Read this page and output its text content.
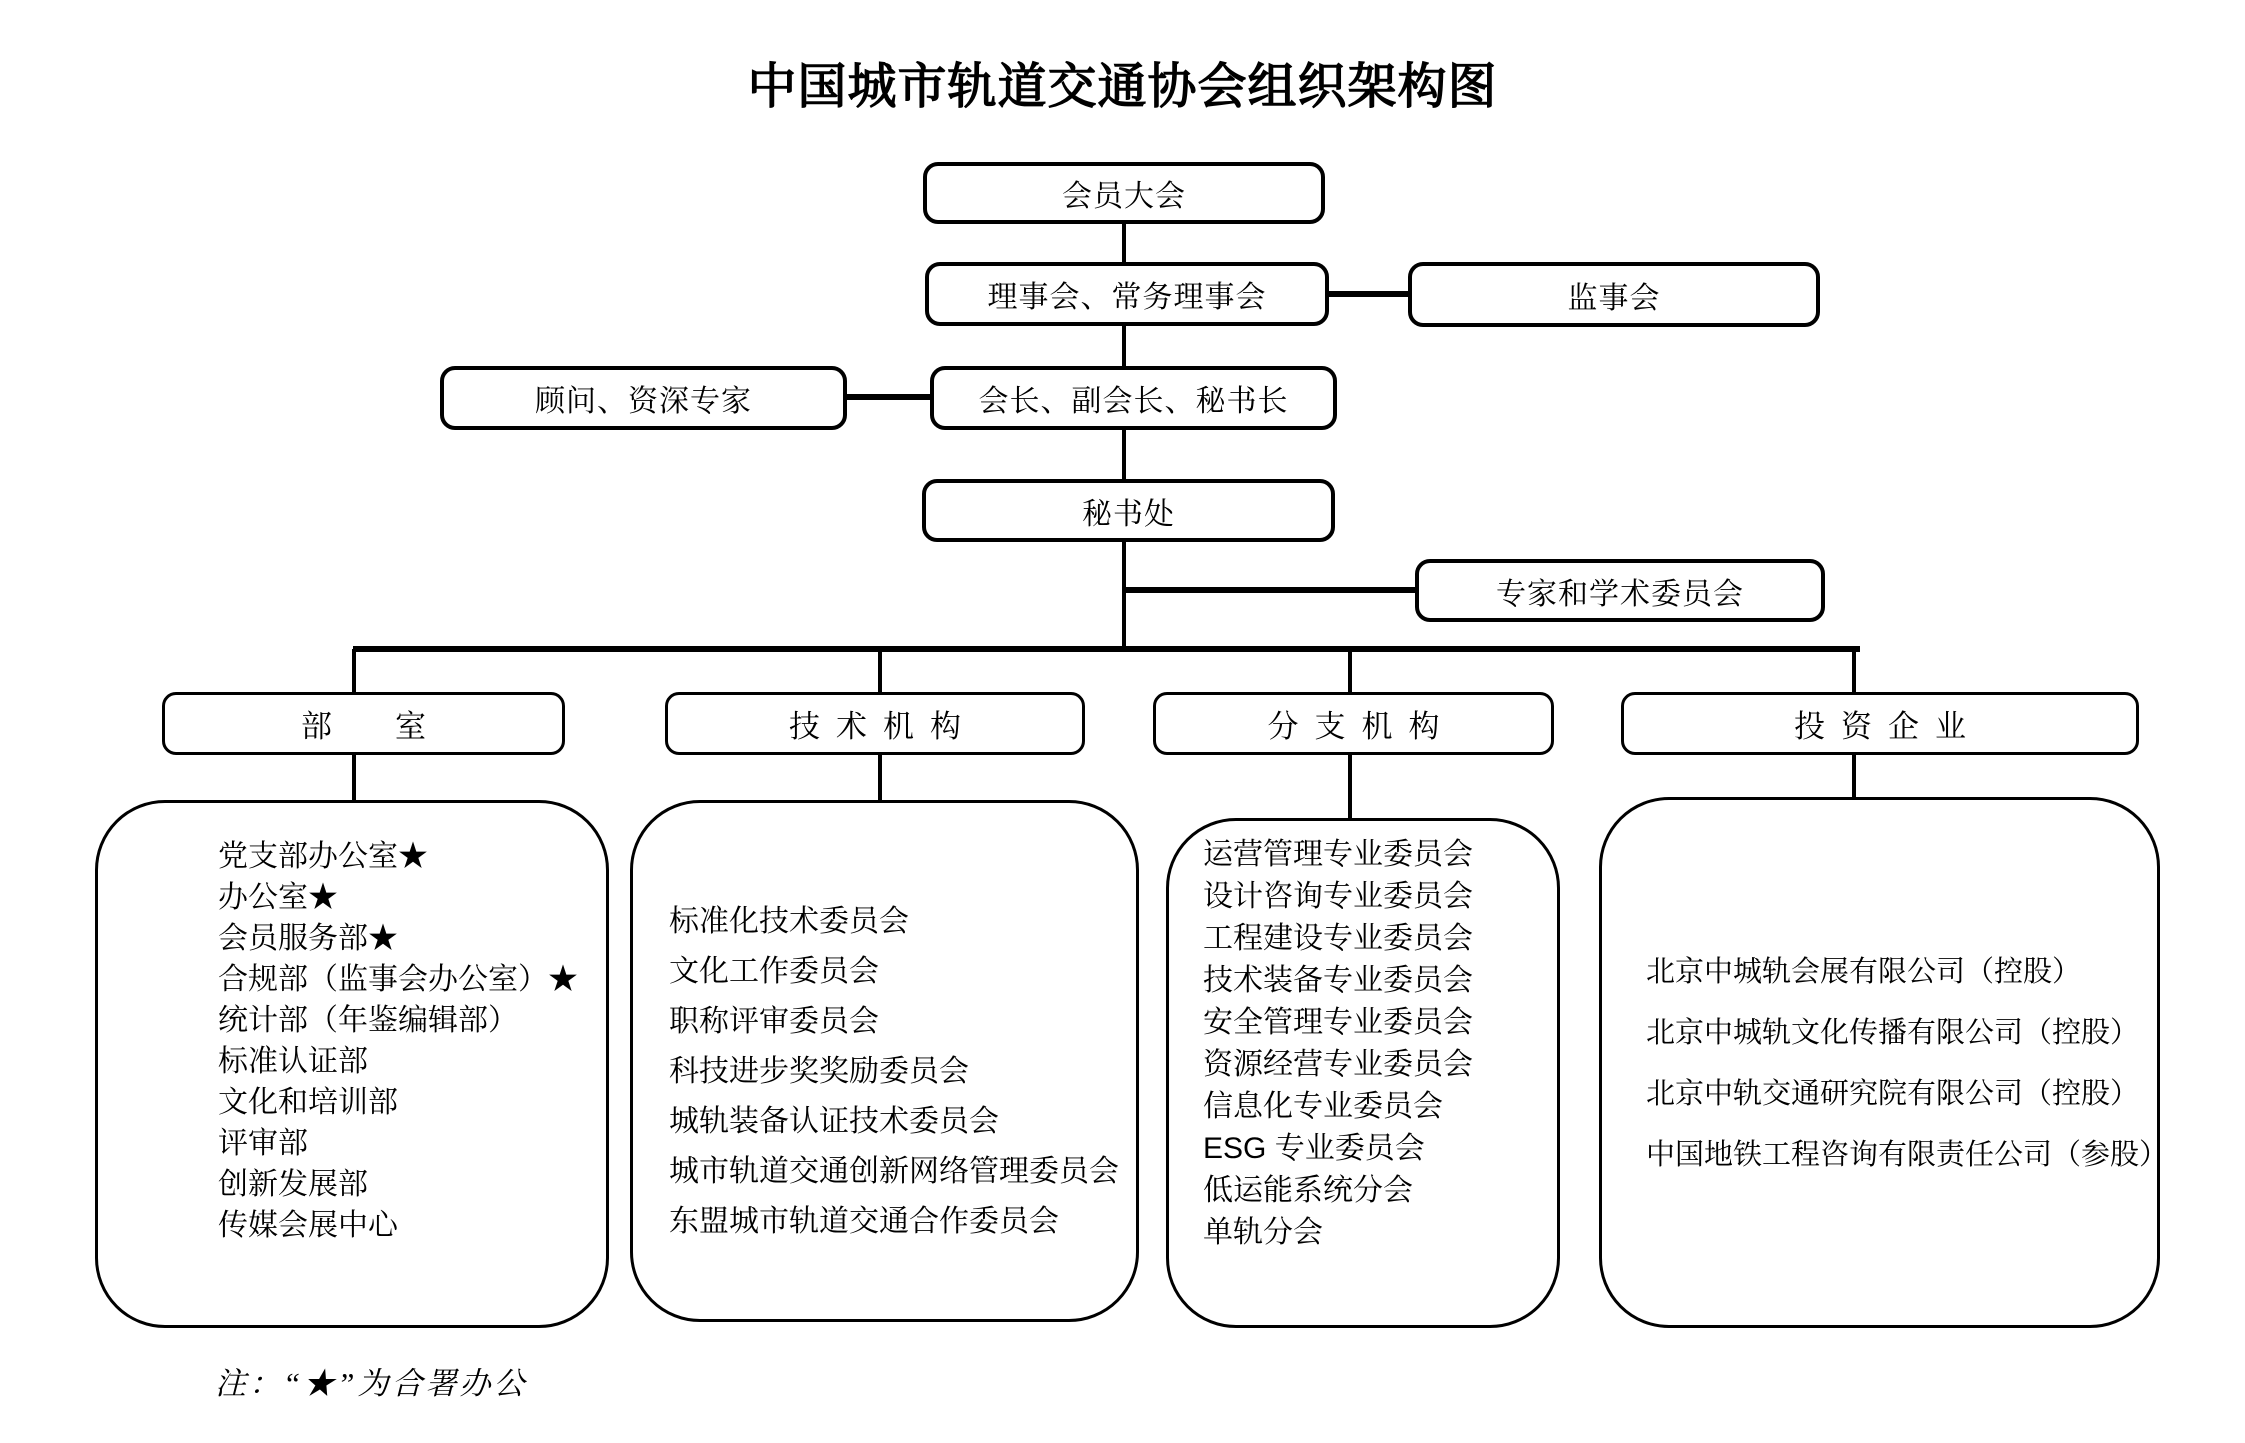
中国城市轨道交通协会组织架构图
会员大会
理事会、常务理事会	监事会
顾问、资深专家	会长、副会长、秘书长
秘书处
专家和学术委员会
部　室	技术机构	分支机构	投资企业
党支部办公室★
办公室★
会员服务部★
合规部（监事会办公室）★
统计部（年鉴编辑部）
标准认证部
文化和培训部
评审部
创新发展部
传媒会展中心
标准化技术委员会
文化工作委员会
职称评审委员会
科技进步奖奖励委员会
城轨装备认证技术委员会
城市轨道交通创新网络管理委员会
东盟城市轨道交通合作委员会
运营管理专业委员会
设计咨询专业委员会
工程建设专业委员会
技术装备专业委员会
安全管理专业委员会
资源经营专业委员会
信息化专业委员会
ESG 专业委员会
低运能系统分会
单轨分会
北京中城轨会展有限公司（控股）
北京中城轨文化传播有限公司（控股）
北京中轨交通研究院有限公司（控股）
中国地铁工程咨询有限责任公司（参股）
注：“★”为合署办公
